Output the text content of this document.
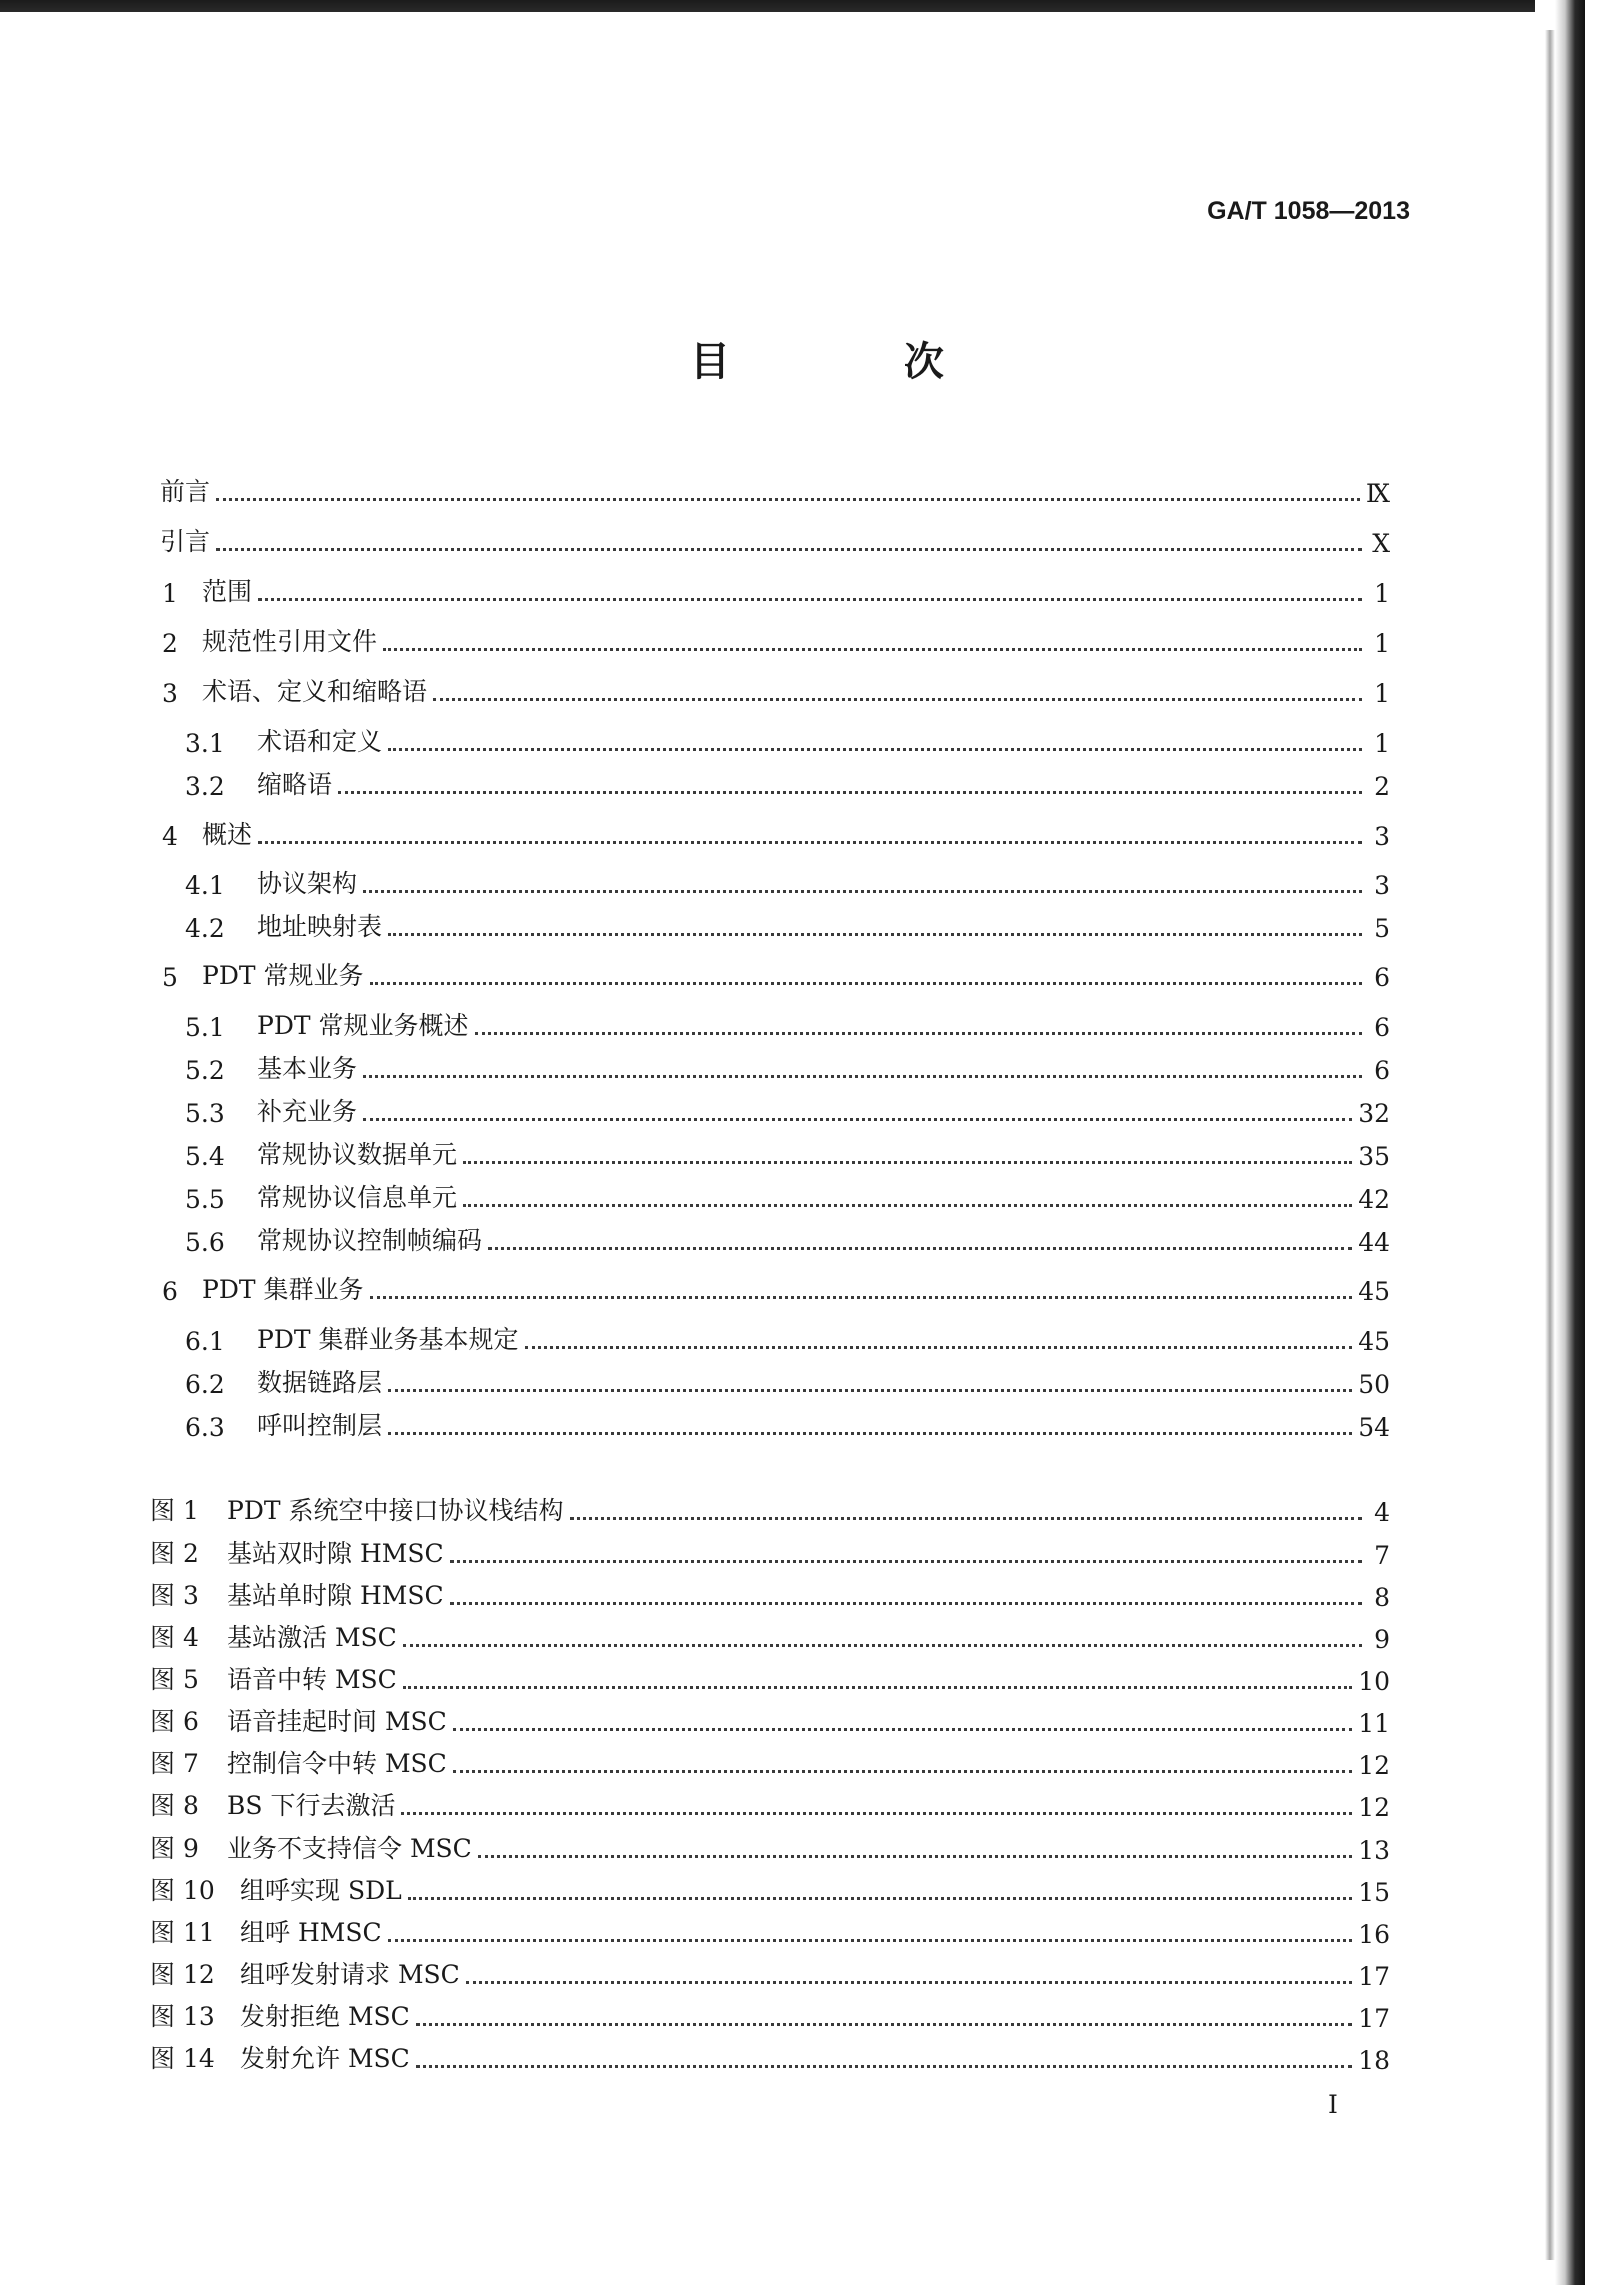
GA/T 1058—2013
目 次
前言	Ⅸ
引言	Ⅹ
1 范围	1
2 规范性引用文件	1
3 术语、定义和缩略语	1
3.1	术语和定义	1
3.2	缩略语	2
4 概述	3
4.1	协议架构	3
4.2	地址映射表	5
5 PDT 常规业务	6
5.1	PDT 常规业务概述	6
5.2	基本业务	6
5.3	补充业务	32
5.4	常规协议数据单元	35
5.5	常规协议信息单元	42
5.6	常规协议控制帧编码	44
6 PDT 集群业务	45
6.1	PDT 集群业务基本规定	45
6.2	数据链路层	50
6.3	呼叫控制层	54
图 1	PDT 系统空中接口协议栈结构	4
图 2	基站双时隙 HMSC	7
图 3	基站单时隙 HMSC	8
图 4	基站激活 MSC	9
图 5	语音中转 MSC	10
图 6	语音挂起时间 MSC	11
图 7	控制信令中转 MSC	12
图 8	BS 下行去激活	12
图 9	业务不支持信令 MSC	13
图 10	组呼实现 SDL	15
图 11	组呼 HMSC	16
图 12	组呼发射请求 MSC	17
图 13	发射拒绝 MSC	17
图 14	发射允许 MSC	18
I
